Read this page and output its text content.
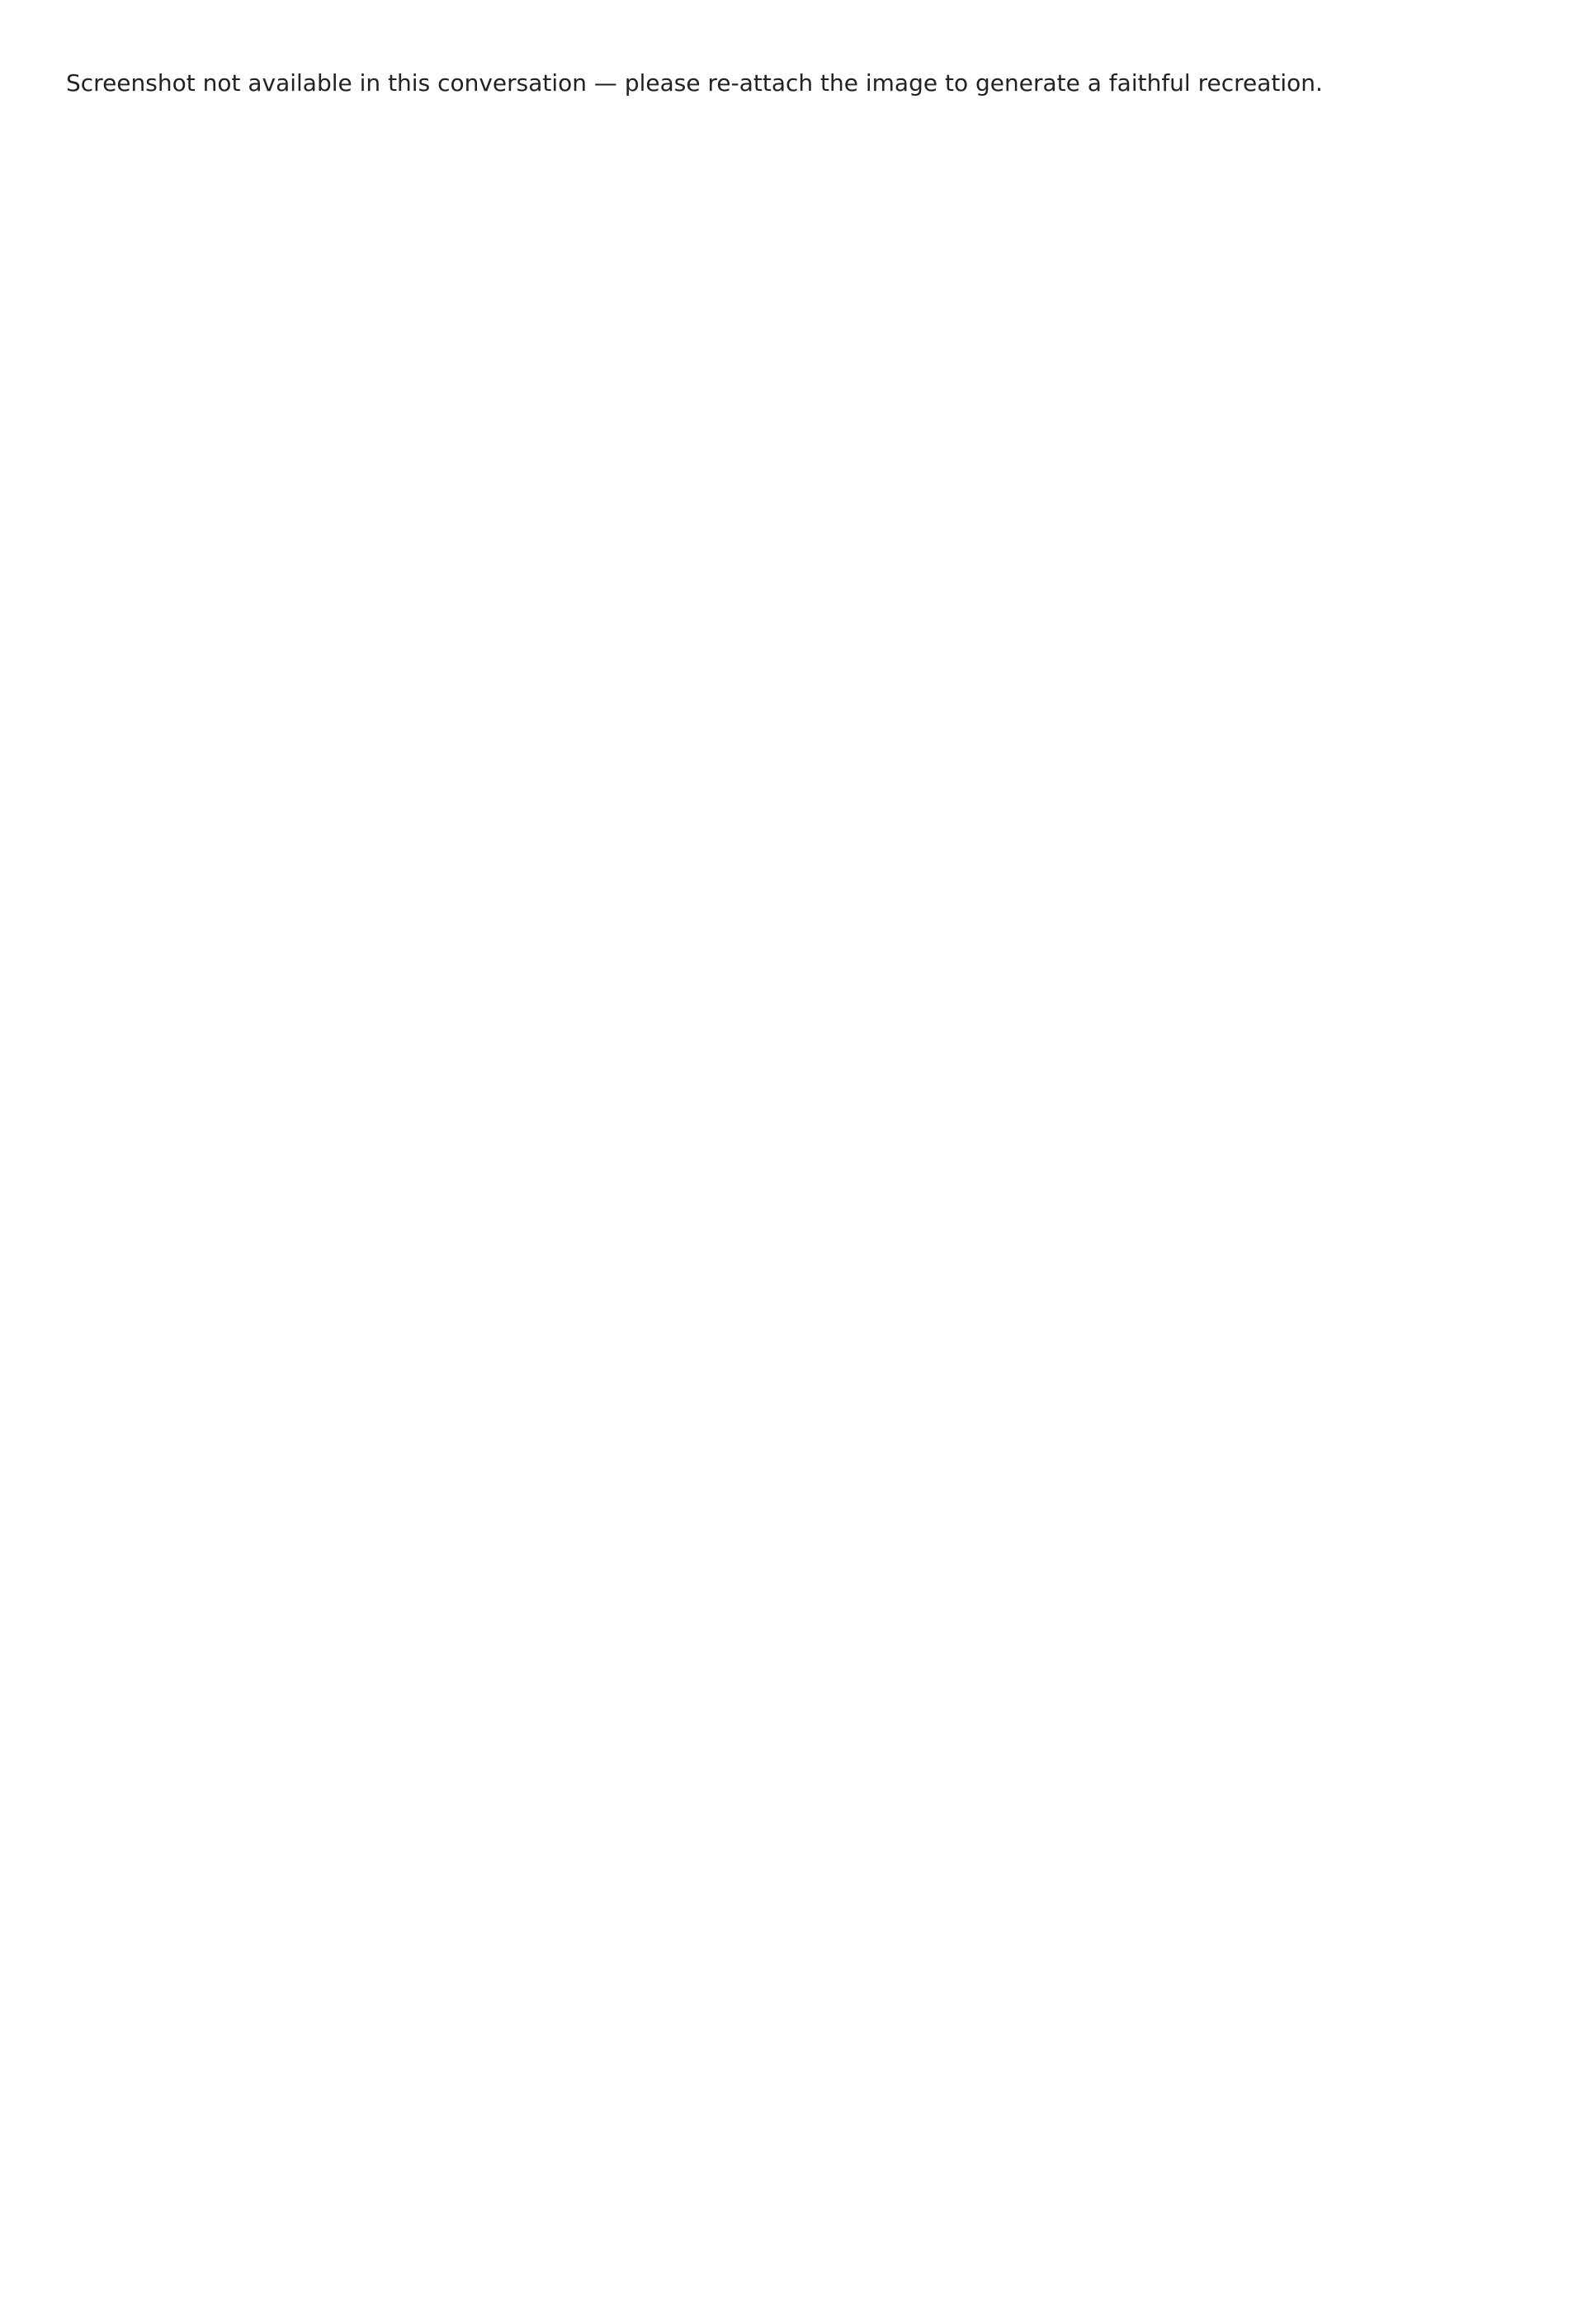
Screenshot not available in this conversation — please re-attach the image to generate a faithful recreation.
